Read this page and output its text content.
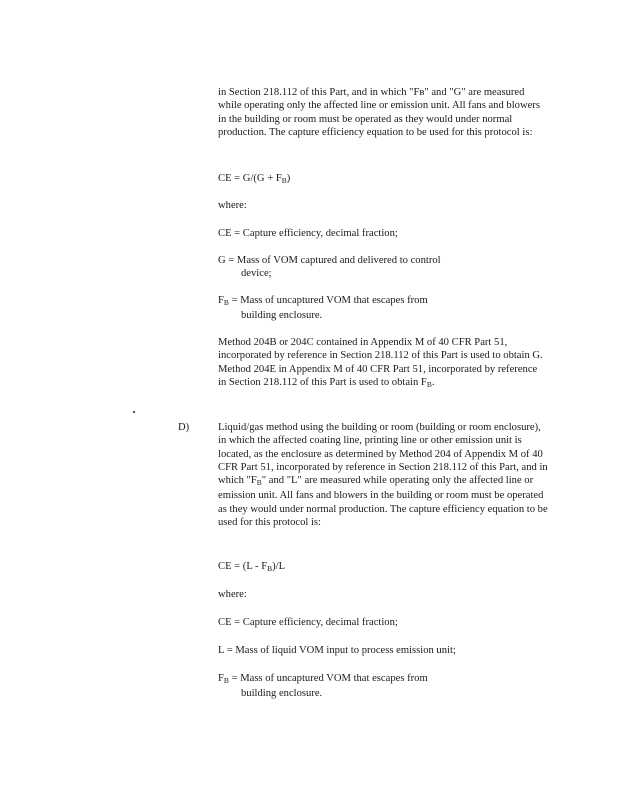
in Section 218.112 of this Part, and in which "Fʙ" and "G" are measured while operating only the affected line or emission unit. All fans and blowers in the building or room must be operated as they would under normal production. The capture efficiency equation to be used for this protocol is:

CE = $G/(G + F_B)$

where:

CE = Capture efficiency, decimal fraction;

G = Mass of VOM captured and delivered to control
device;

$F_B$ = Mass of uncaptured VOM that escapes from
building enclosure.

Method 204B or 204C contained in Appendix M of 40 CFR Part 51, incorporated by reference in Section 218.112 of this Part is used to obtain G. Method 204E in Appendix M of 40 CFR Part 51, incorporated by reference in Section 218.112 of this Part is used to obtain $F_B$.

D)	Liquid/gas method using the building or room (building or room enclosure), in which the affected coating line, printing line or other emission unit is located, as the enclosure as determined by Method 204 of Appendix M of 40 CFR Part 51, incorporated by reference in Section 218.112 of this Part, and in which "$F_B$" and "L" are measured while operating only the affected line or emission unit. All fans and blowers in the building or room must be operated as they would under normal production. The capture efficiency equation to be used for this protocol is:

CE = $(L - F_B)/L$

where:

CE = Capture efficiency, decimal fraction;

L = Mass of liquid VOM input to process emission unit;

$F_B$ = Mass of uncaptured VOM that escapes from
building enclosure.
